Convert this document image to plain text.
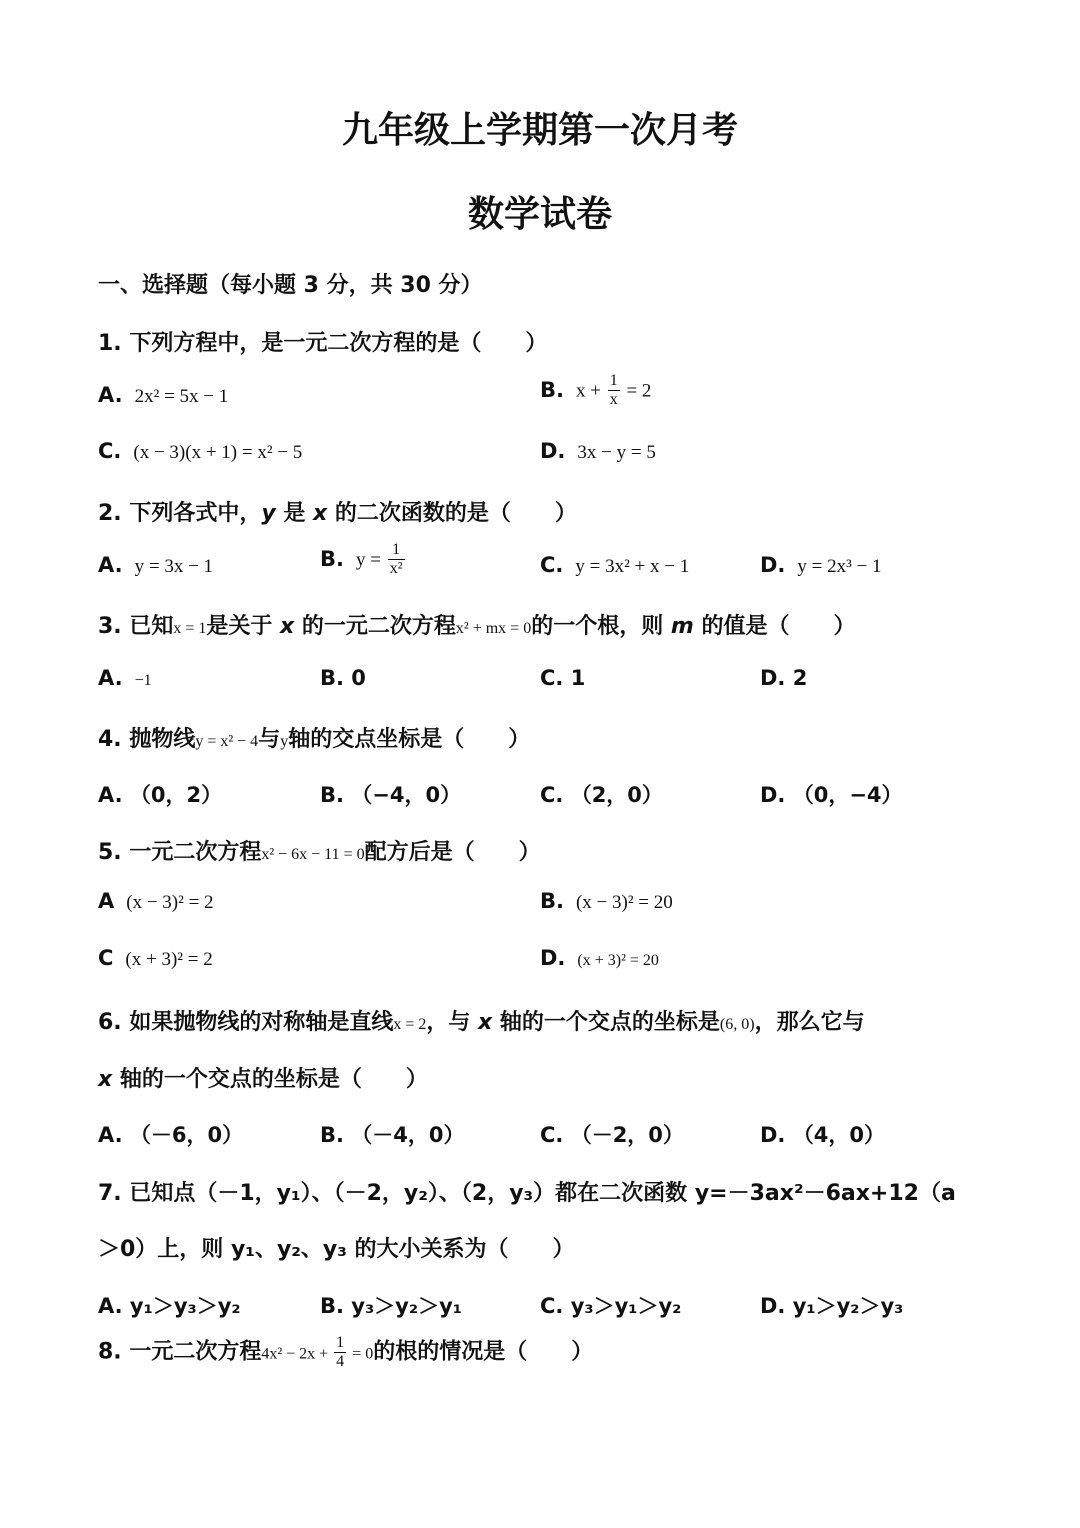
九年级上学期第一次月考
数学试卷
一、选择题（每小题 3 分，共 30 分）
1. 下列方程中，是一元二次方程的是（　　）
A. 2x² = 5x − 1	B. $x + \frac{1}{x} = 2$
C. (x − 3)(x + 1) = x² − 5	D. 3x − y = 5
2. 下列各式中，y 是 x 的二次函数的是（　　）
A. y = 3x − 1	B. $y = \frac{1}{\text{x²}}$	C. y = 3x² + x − 1	D. y = 2x³ − 1
3. 已知x = 1是关于 x 的一元二次方程x² + mx = 0的一个根，则 m 的值是（　　）
A. −1	B. 0	C. 1	D. 2
4. 抛物线y = x² − 4与y轴的交点坐标是（　　）
A. （0，2）	B. （−4，0）	C. （2，0）	D. （0，−4）
5. 一元二次方程x² − 6x − 11 = 0配方后是（　　）
A (x − 3)² = 2	B. (x − 3)² = 20
C (x + 3)² = 2	D. (x + 3)² = 20
6. 如果抛物线的对称轴是直线x = 2，与 x 轴的一个交点的坐标是(6, 0)，那么它与
x 轴的一个交点的坐标是（　　）
A. （－6，0）	B. （－4，0）	C. （－2，0）	D. （4，0）
7. 已知点（－1，y₁）、（－2，y₂）、（2，y₃）都在二次函数 y=－3ax²－6ax+12（a
＞0）上，则 y₁、y₂、y₃ 的大小关系为（　　）
A. y₁＞y₃＞y₂	B. y₃＞y₂＞y₁	C. y₃＞y₁＞y₂	D. y₁＞y₂＞y₃
8. 一元二次方程$4x^2 - 2x + \frac{1}{4} = 0$的根的情况是（　　）
